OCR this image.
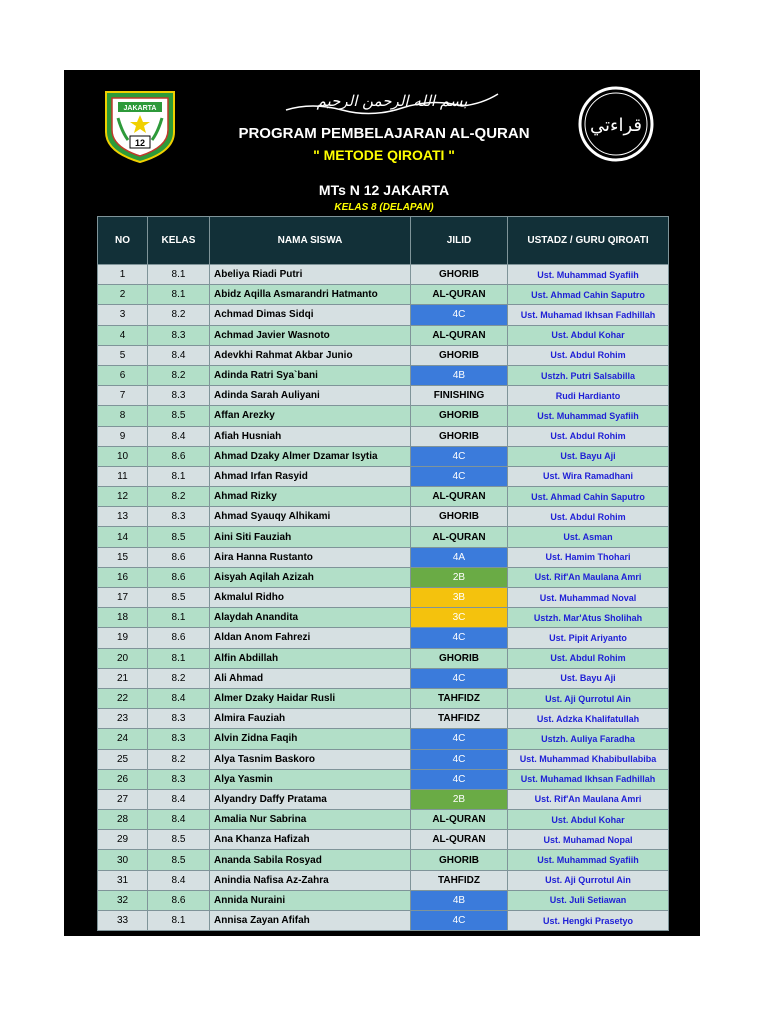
JAKARTA
12
بسم الله الرحمن الرحيم
PROGRAM PEMBELAJARAN AL-QURAN
" METODE QIROATI "
MTs N 12 JAKARTA
KELAS 8 (DELAPAN)
قراءتي
NO	KELAS	NAMA SISWA	JILID	USTADZ / GURU QIROATI
1	8.1	Abeliya Riadi Putri	GHORIB	Ust. Muhammad Syafiih
2	8.1	Abidz Aqilla Asmarandri Hatmanto	AL-QURAN	Ust. Ahmad Cahin Saputro
3	8.2	Achmad Dimas Sidqi	4C	Ust. Muhamad Ikhsan Fadhillah
4	8.3	Achmad Javier Wasnoto	AL-QURAN	Ust. Abdul Kohar
5	8.4	Adevkhi Rahmat Akbar Junio	GHORIB	Ust. Abdul Rohim
6	8.2	Adinda Ratri Sya`bani	4B	Ustzh. Putri Salsabilla
7	8.3	Adinda Sarah Auliyani	FINISHING	Rudi Hardianto
8	8.5	Affan Arezky	GHORIB	Ust. Muhammad Syafiih
9	8.4	Afiah Husniah	GHORIB	Ust. Abdul Rohim
10	8.6	Ahmad Dzaky Almer Dzamar Isytia	4C	Ust. Bayu Aji
11	8.1	Ahmad Irfan Rasyid	4C	Ust. Wira Ramadhani
12	8.2	Ahmad Rizky	AL-QURAN	Ust. Ahmad Cahin Saputro
13	8.3	Ahmad Syauqy Alhikami	GHORIB	Ust. Abdul Rohim
14	8.5	Aini Siti Fauziah	AL-QURAN	Ust. Asman
15	8.6	Aira Hanna Rustanto	4A	Ust. Hamim Thohari
16	8.6	Aisyah Aqilah Azizah	2B	Ust. Rif'An Maulana Amri
17	8.5	Akmalul Ridho	3B	Ust. Muhammad Noval
18	8.1	Alaydah Anandita	3C	Ustzh. Mar'Atus Sholihah
19	8.6	Aldan Anom Fahrezi	4C	Ust. Pipit Ariyanto
20	8.1	Alfin Abdillah	GHORIB	Ust. Abdul Rohim
21	8.2	Ali Ahmad	4C	Ust. Bayu Aji
22	8.4	Almer Dzaky Haidar Rusli	TAHFIDZ	Ust. Aji Qurrotul Ain
23	8.3	Almira Fauziah	TAHFIDZ	Ust. Adzka Khalifatullah
24	8.3	Alvin Zidna Faqih	4C	Ustzh. Auliya Faradha
25	8.2	Alya Tasnim Baskoro	4C	Ust. Muhammad Khabibullabiba
26	8.3	Alya Yasmin	4C	Ust. Muhamad Ikhsan Fadhillah
27	8.4	Alyandry Daffy Pratama	2B	Ust. Rif'An Maulana Amri
28	8.4	Amalia Nur Sabrina	AL-QURAN	Ust. Abdul Kohar
29	8.5	Ana Khanza Hafizah	AL-QURAN	Ust. Muhamad Nopal
30	8.5	Ananda Sabila Rosyad	GHORIB	Ust. Muhammad Syafiih
31	8.4	Anindia Nafisa Az-Zahra	TAHFIDZ	Ust. Aji Qurrotul Ain
32	8.6	Annida Nuraini	4B	Ust. Juli Setiawan
33	8.1	Annisa Zayan Afifah	4C	Ust. Hengki Prasetyo
